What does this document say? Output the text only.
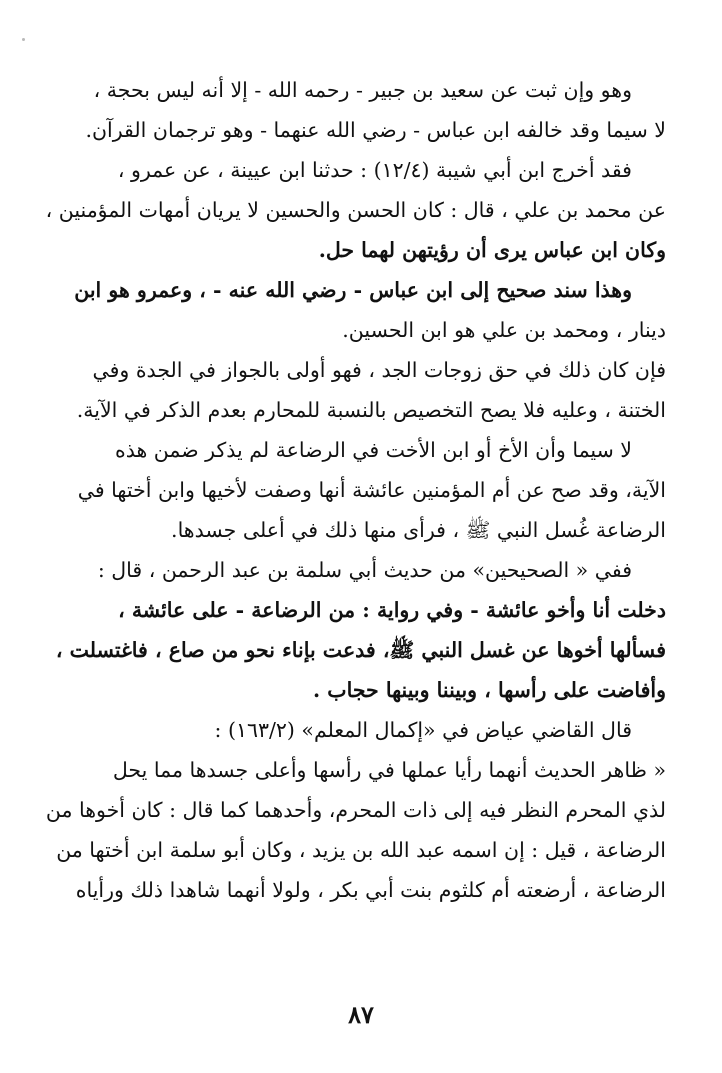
وهو وإن ثبت عن سعيد بن جبير - رحمه الله - إلا أنه ليس بحجة ،
لا سيما وقد خالفه ابن عباس - رضي الله عنهما - وهو ترجمان القرآن.
فقد أخرج ابن أبي شيبة (١٢/٤) : حدثنا ابن عيينة ، عن عمرو ،
عن محمد بن علي ، قال : كان الحسن والحسين لا يريان أمهات المؤمنين ،
وكان ابن عباس يرى أن رؤيتهن لهما حل.
وهذا سند صحيح إلى ابن عباس - رضي الله عنه - ، وعمرو هو ابن
دينار ، ومحمد بن علي هو ابن الحسين.
فإن كان ذلك في حق زوجات الجد ، فهو أولى بالجواز في الجدة وفي
الختنة ، وعليه فلا يصح التخصيص بالنسبة للمحارم بعدم الذكر في الآية.
لا سيما وأن الأخ أو ابن الأخت في الرضاعة لم يذكر ضمن هذه
الآية، وقد صح عن أم المؤمنين عائشة أنها وصفت لأخيها وابن أختها في
الرضاعة غُسل النبي ﷺ ، فرأى منها ذلك في أعلى جسدها.
ففي « الصحيحين» من حديث أبي سلمة بن عبد الرحمن ، قال :
دخلت أنا وأخو عائشة - وفي رواية : من الرضاعة - على عائشة ،
فسألها أخوها عن غسل النبي ﷺ، فدعت بإناء نحو من صاع ، فاغتسلت ،
وأفاضت على رأسها ، وبيننا وبينها حجاب .
قال القاضي عياض في «إكمال المعلم» (١٦٣/٢) :
« ظاهر الحديث أنهما رأيا عملها في رأسها وأعلى جسدها مما يحل
لذي المحرم النظر فيه إلى ذات المحرم، وأحدهما كما قال : كان أخوها من
الرضاعة ، قيل : إن اسمه عبد الله بن يزيد ، وكان أبو سلمة ابن أختها من
الرضاعة ، أرضعته أم كلثوم بنت أبي بكر ، ولولا أنهما شاهدا ذلك ورأياه
٨٧
